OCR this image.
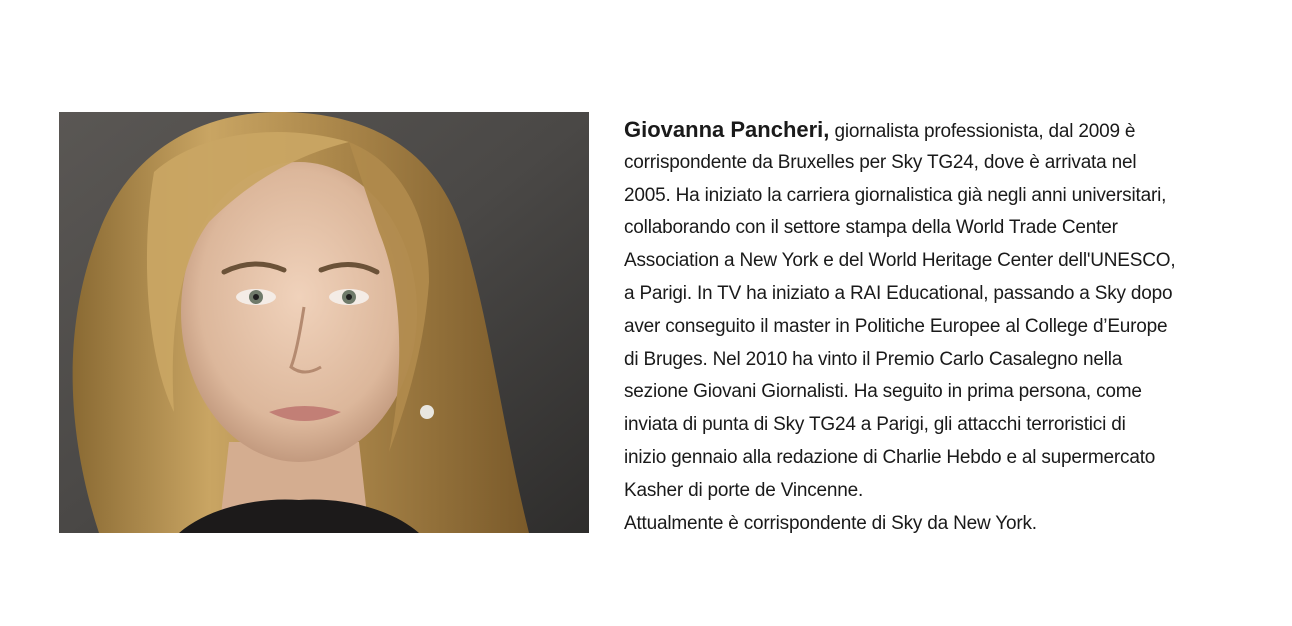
Giovanna Pancheri, giornalista professionista, dal 2009 è
corrispondente da Bruxelles per Sky TG24, dove è arrivata nel
2005. Ha iniziato la carriera giornalistica già negli anni universitari,
collaborando con il settore stampa della World Trade Center
Association a New York e del World Heritage Center dell'UNESCO,
a Parigi. In TV ha iniziato a RAI Educational, passando a Sky dopo
aver conseguito il master in Politiche Europee al College d’Europe
di Bruges. Nel 2010 ha vinto il Premio Carlo Casalegno nella
sezione Giovani Giornalisti. Ha seguito in prima persona, come
inviata di punta di Sky TG24 a Parigi, gli attacchi terroristici di
inizio gennaio alla redazione di Charlie Hebdo e al supermercato
Kasher di porte de Vincenne.
Attualmente è corrispondente di Sky da New York.
